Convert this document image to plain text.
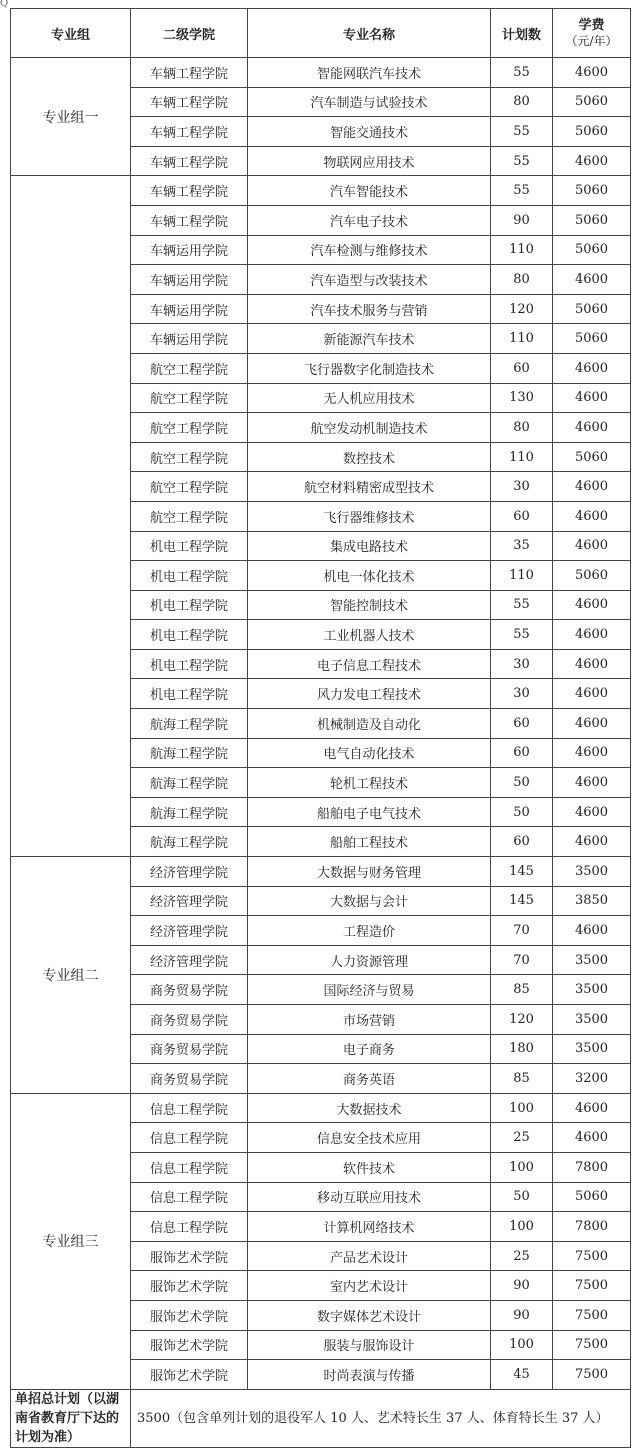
Q
专业组	二级学院	专业名称	计划数	学费
（元/年）

专业组一	车辆工程学院	智能网联汽车技术	55	4600
	车辆工程学院	汽车制造与试验技术	80	5060
	车辆工程学院	智能交通技术	55	5060
	车辆工程学院	物联网应用技术	55	4600
	车辆工程学院	汽车智能技术	55	5060
	车辆工程学院	汽车电子技术	90	5060
	车辆运用学院	汽车检测与维修技术	110	5060
	车辆运用学院	汽车造型与改装技术	80	4600
	车辆运用学院	汽车技术服务与营销	120	5060
	车辆运用学院	新能源汽车技术	110	5060
	航空工程学院	飞行器数字化制造技术	60	4600
	航空工程学院	无人机应用技术	130	4600
	航空工程学院	航空发动机制造技术	80	4600
	航空工程学院	数控技术	110	5060
	航空工程学院	航空材料精密成型技术	30	4600
	航空工程学院	飞行器维修技术	60	4600
	机电工程学院	集成电路技术	35	4600
	机电工程学院	机电一体化技术	110	5060
	机电工程学院	智能控制技术	55	4600
	机电工程学院	工业机器人技术	55	4600
	机电工程学院	电子信息工程技术	30	4600
	机电工程学院	风力发电工程技术	30	4600
	航海工程学院	机械制造及自动化	60	4600
	航海工程学院	电气自动化技术	60	4600
	航海工程学院	轮机工程技术	50	4600
	航海工程学院	船舶电子电气技术	50	4600
	航海工程学院	船舶工程技术	60	4600
专业组二	经济管理学院	大数据与财务管理	145	3500
	经济管理学院	大数据与会计	145	3850
	经济管理学院	工程造价	70	4600
	经济管理学院	人力资源管理	70	3500
	商务贸易学院	国际经济与贸易	85	3500
	商务贸易学院	市场营销	120	3500
	商务贸易学院	电子商务	180	3500
	商务贸易学院	商务英语	85	3200
专业组三	信息工程学院	大数据技术	100	4600
	信息工程学院	信息安全技术应用	25	4600
	信息工程学院	软件技术	100	7800
	信息工程学院	移动互联应用技术	50	5060
	信息工程学院	计算机网络技术	100	7800
	服饰艺术学院	产品艺术设计	25	7500
	服饰艺术学院	室内艺术设计	90	7500
	服饰艺术学院	数字媒体艺术设计	90	7500
	服饰艺术学院	服装与服饰设计	100	7500
	服饰艺术学院	时尚表演与传播	45	7500
单招总计划（以湖南省教育厅下达的计划为准）	3500（包含单列计划的退役军人 10 人、艺术特长生 37 人、体育特长生 37 人）			
